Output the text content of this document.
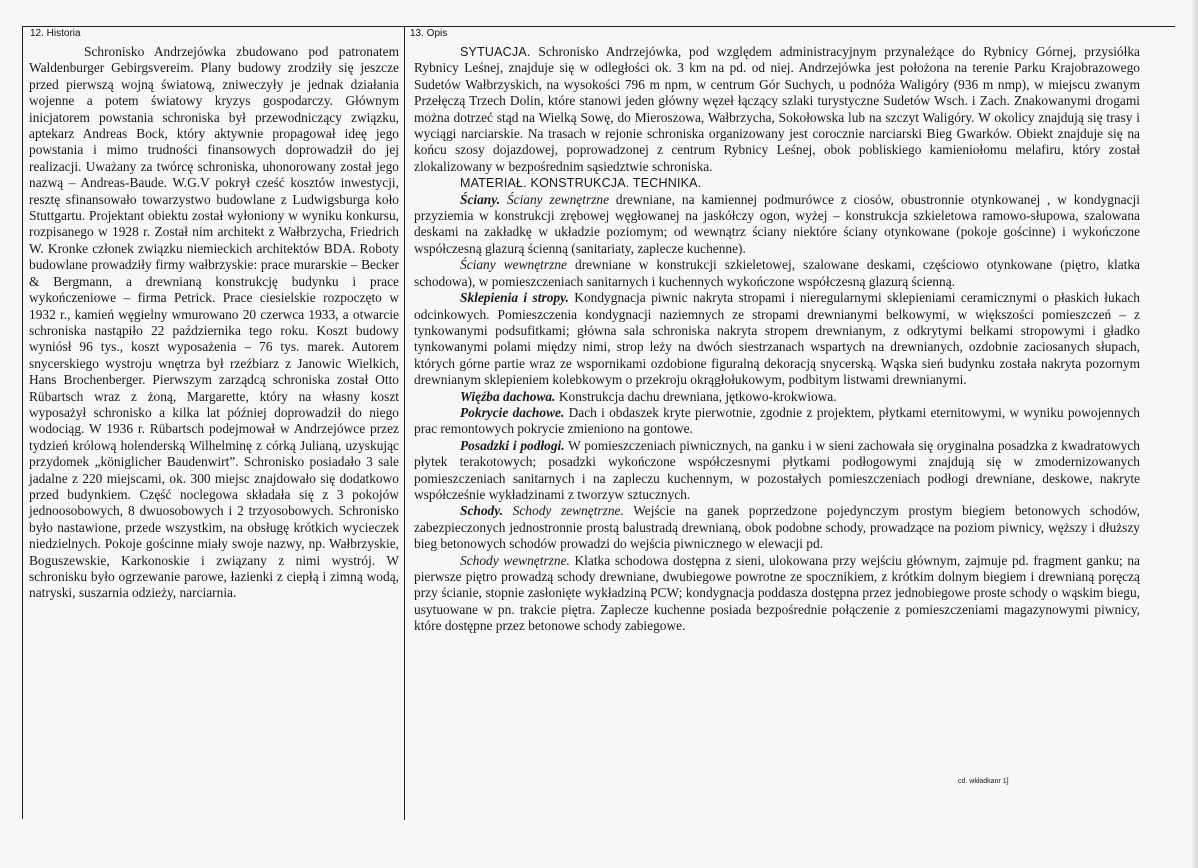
12. Historia	13. Opis

Schronisko Andrzejówka zbudowano pod patronatem Waldenburger Gebirgsvereim. Plany budowy zrodziły się jeszcze przed pierwszą wojną światową, zniweczyły je jednak działania wojenne a potem światowy kryzys gospodarczy. Głównym inicjatorem powstania schroniska był przewodniczący związku, aptekarz Andreas Bock, który aktywnie propagował ideę jego powstania i mimo trudności finansowych doprowadził do jej realizacji. Uważany za twórcę schroniska, uhonorowany został jego nazwą – Andreas-Baude. W.G.V pokrył cześć kosztów inwestycji, resztę sfinansowało towarzystwo budowlane z Ludwigsburga koło Stuttgartu. Projektant obiektu został wyłoniony w wyniku konkursu, rozpisanego w 1928 r. Został nim architekt z Wałbrzycha, Friedrich W. Kronke członek związku niemieckich architektów BDA. Roboty budowlane prowadziły firmy wałbrzyskie: prace murarskie – Becker & Bergmann, a drewnianą konstrukcję budynku i prace wykończeniowe – firma Petrick. Prace ciesielskie rozpoczęto w 1932 r., kamień węgielny wmurowano 20 czerwca 1933, a otwarcie schroniska nastąpiło 22 października tego roku. Koszt budowy wyniósł 96 tys., koszt wyposażenia – 76 tys. marek. Autorem snycerskiego wystroju wnętrza był rzeźbiarz z Janowic Wielkich, Hans Brochenberger. Pierwszym zarządcą schroniska został Otto Rübartsch wraz z żoną, Margarette, który na własny koszt wyposażył schronisko a kilka lat później doprowadził do niego wodociąg. W 1936 r. Rübartsch podejmował w Andrzejówce przez tydzień królową holenderską Wilhelminę z córką Julianą, uzyskując przydomek „königlicher Baudenwirt”. Schronisko posiadało 3 sale jadalne z 220 miejscami, ok. 300 miejsc znajdowało się dodatkowo przed budynkiem. Część noclegowa składała się z 3 pokojów jednoosobowych, 8 dwuosobowych i 2 trzyosobowych. Schronisko było nastawione, przede wszystkim, na obsługę krótkich wycieczek niedzielnych. Pokoje gościnne miały swoje nazwy, np. Wałbrzyskie, Boguszewskie, Karkonoskie i związany z nimi wystrój. W schronisku było ogrzewanie parowe, łazienki z ciepłą i zimną wodą, natryski, suszarnia odzieży, narciarnia.

SYTUACJA. Schronisko Andrzejówka, pod względem administracyjnym przynależące do Rybnicy Górnej, przysiółka Rybnicy Leśnej, znajduje się w odległości ok. 3 km na pd. od niej. Andrzejówka jest położona na terenie Parku Krajobrazowego Sudetów Wałbrzyskich, na wysokości 796 m npm, w centrum Gór Suchych, u podnóża Waligóry (936 m nmp), w miejscu zwanym Przełęczą Trzech Dolin, które stanowi jeden główny węzeł łączący szlaki turystyczne Sudetów Wsch. i Zach. Znakowanymi drogami można dotrzeć stąd na Wielką Sowę, do Mieroszowa, Wałbrzycha, Sokołowska lub na szczyt Waligóry. W okolicy znajdują się trasy i wyciągi narciarskie. Na trasach w rejonie schroniska organizowany jest corocznie narciarski Bieg Gwarków. Obiekt znajduje się na końcu szosy dojazdowej, poprowadzonej z centrum Rybnicy Leśnej, obok pobliskiego kamieniołomu melafiru, który został zlokalizowany w bezpośrednim sąsiedztwie schroniska.

MATERIAŁ. KONSTRUKCJA. TECHNIKA.

Ściany. Ściany zewnętrzne drewniane, na kamiennej podmurówce z ciosów, obustronnie otynkowanej , w kondygnacji przyziemia w konstrukcji zrębowej węgłowanej na jaskółczy ogon, wyżej – konstrukcja szkieletowa ramowo-słupowa, szalowana deskami na zakładkę w układzie poziomym; od wewnątrz ściany niektóre ściany otynkowane (pokoje gościnne) i wykończone współczesną glazurą ścienną (sanitariaty, zaplecze kuchenne).

Ściany wewnętrzne drewniane w konstrukcji szkieletowej, szalowane deskami, częściowo otynkowane (piętro, klatka schodowa), w pomieszczeniach sanitarnych i kuchennych wykończone współczesną glazurą ścienną.

Sklepienia i stropy. Kondygnacja piwnic nakryta stropami i nieregularnymi sklepieniami ceramicznymi o płaskich łukach odcinkowych. Pomieszczenia kondygnacji naziemnych ze stropami drewnianymi belkowymi, w większości pomieszczeń – z tynkowanymi podsufitkami; główna sala schroniska nakryta stropem drewnianym, z odkrytymi belkami stropowymi i gładko tynkowanymi polami między nimi, strop leży na dwóch siestrzanach wspartych na drewnianych, ozdobnie zaciosanych słupach, których górne partie wraz ze wspornikami ozdobione figuralną dekoracją snycerską. Wąska sień budynku została nakryta pozornym drewnianym sklepieniem kolebkowym o przekroju okrągłołukowym, podbitym listwami drewnianymi.

Więźba dachowa. Konstrukcja dachu drewniana, jętkowo-krokwiowa.

Pokrycie dachowe. Dach i obdaszek kryte pierwotnie, zgodnie z projektem, płytkami eternitowymi, w wyniku powojennych prac remontowych pokrycie zmieniono na gontowe.

Posadzki i podłogi. W pomieszczeniach piwnicznych, na ganku i w sieni zachowała się oryginalna posadzka z kwadratowych płytek terakotowych; posadzki wykończone współczesnymi płytkami podłogowymi znajdują się w zmodernizowanych pomieszczeniach sanitarnych i na zapleczu kuchennym, w pozostałych pomieszczeniach podłogi drewniane, deskowe, nakryte współcześnie wykładzinami z tworzyw sztucznych.

Schody. Schody zewnętrzne. Wejście na ganek poprzedzone pojedynczym prostym biegiem betonowych schodów, zabezpieczonych jednostronnie prostą balustradą drewnianą, obok podobne schody, prowadzące na poziom piwnicy, węższy i dłuższy bieg betonowych schodów prowadzi do wejścia piwnicznego w elewacji pd.

Schody wewnętrzne. Klatka schodowa dostępna z sieni, ulokowana przy wejściu głównym, zajmuje pd. fragment ganku; na pierwsze piętro prowadzą schody drewniane, dwubiegowe powrotne ze spocznikiem, z krótkim dolnym biegiem i drewnianą poręczą przy ścianie, stopnie zasłonięte wykładziną PCW; kondygnacja poddasza dostępna przez jednobiegowe proste schody o wąskim biegu, usytuowane w pn. trakcie piętra. Zaplecze kuchenne posiada bezpośrednie połączenie z pomieszczeniami magazynowymi piwnicy, które dostępne przez betonowe schody zabiegowe.

cd. wkładkanr 1]
